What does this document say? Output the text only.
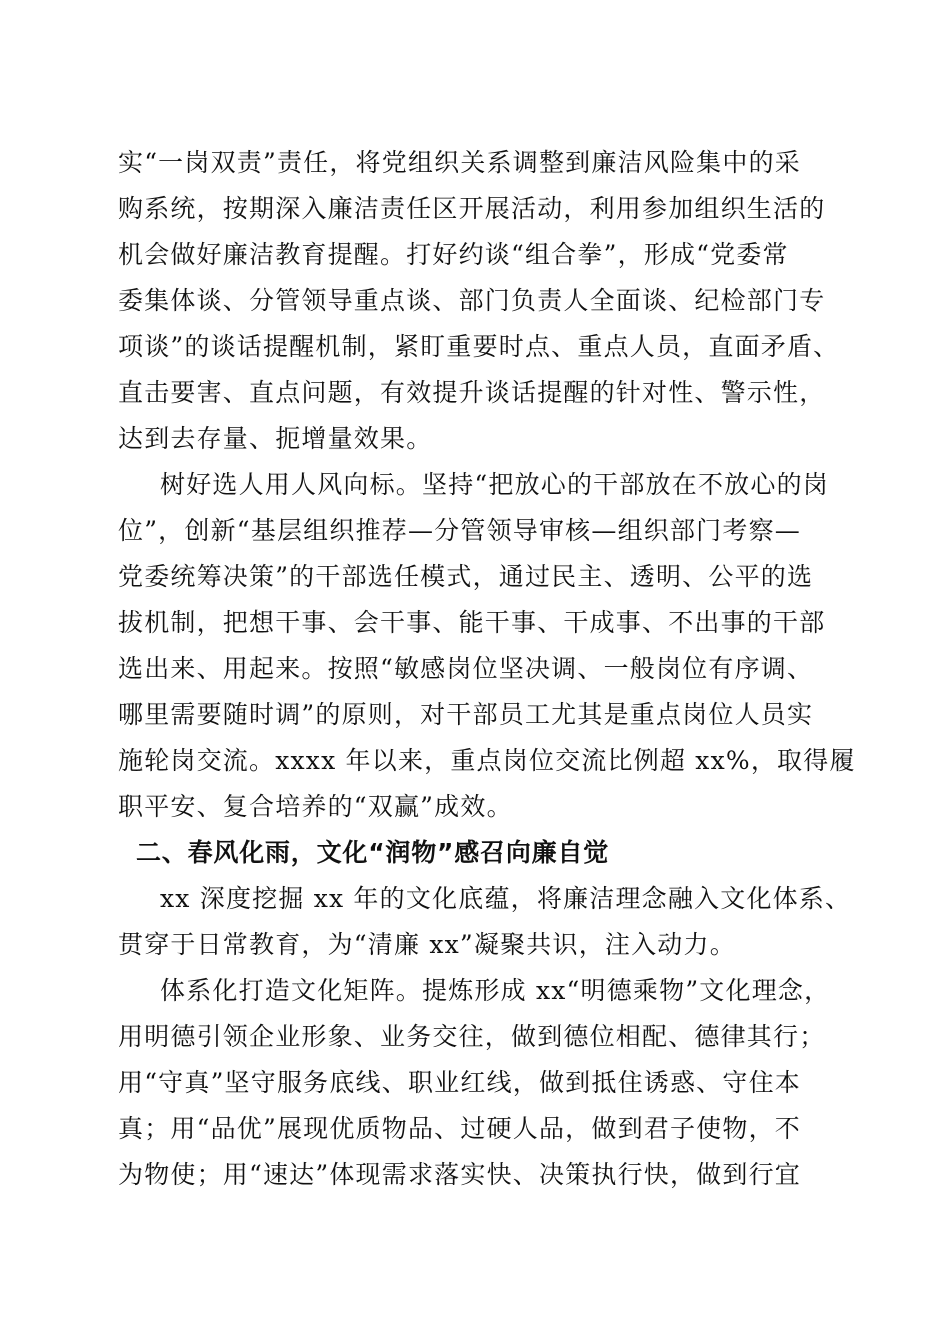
实“一岗双责”责任，将党组织关系调整到廉洁风险集中的采
购系统，按期深入廉洁责任区开展活动，利用参加组织生活的
机会做好廉洁教育提醒。打好约谈“组合拳”，形成“党委常
委集体谈、分管领导重点谈、部门负责人全面谈、纪检部门专
项谈”的谈话提醒机制，紧盯重要时点、重点人员，直面矛盾、
直击要害、直点问题，有效提升谈话提醒的针对性、警示性，
达到去存量、扼增量效果。
树好选人用人风向标。坚持“把放心的干部放在不放心的岗
位”，创新“基层组织推荐—分管领导审核—组织部门考察—
党委统筹决策”的干部选任模式，通过民主、透明、公平的选
拔机制，把想干事、会干事、能干事、干成事、不出事的干部
选出来、用起来。按照“敏感岗位坚决调、一般岗位有序调、
哪里需要随时调”的原则，对干部员工尤其是重点岗位人员实
施轮岗交流。xxxx 年以来，重点岗位交流比例超 xx%，取得履
职平安、复合培养的“双赢”成效。
二、春风化雨，文化“润物”感召向廉自觉
xx 深度挖掘 xx 年的文化底蕴，将廉洁理念融入文化体系、
贯穿于日常教育，为“清廉 xx”凝聚共识，注入动力。
体系化打造文化矩阵。提炼形成 xx“明德乘物”文化理念，
用明德引领企业形象、业务交往，做到德位相配、德律其行；
用“守真”坚守服务底线、职业红线，做到抵住诱惑、守住本
真；用“品优”展现优质物品、过硬人品，做到君子使物，不
为物使；用“速达”体现需求落实快、决策执行快，做到行宜
